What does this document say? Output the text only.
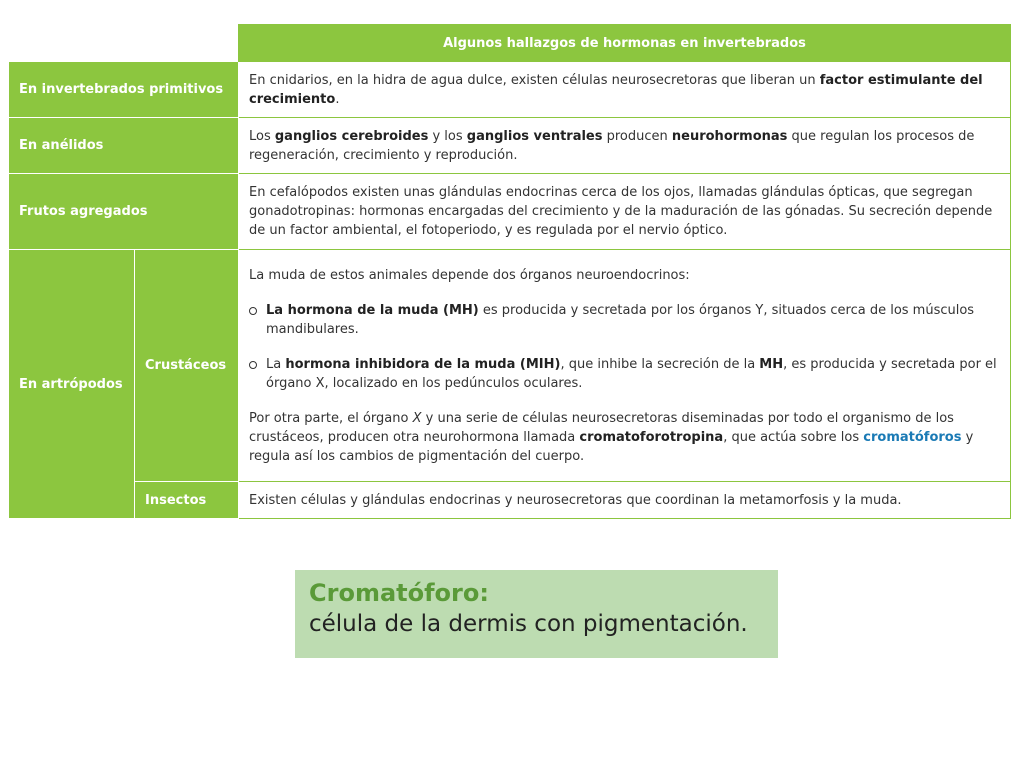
		Algunos hallazgos de hormonas en invertebrados
En invertebrados primitivos		En cnidarios, en la hidra de agua dulce, existen células neurosecretoras que liberan un factor estimulante del crecimiento.
En anélidos		Los ganglios cerebroides y los ganglios ventrales producen neurohormonas que regulan los procesos de regeneración, crecimiento y reprodución.
Frutos agregados		En cefalópodos existen unas glándulas endocrinas cerca de los ojos, llamadas glándulas ópticas, que segregan gonadotropinas: hormonas encargadas del crecimiento y de la maduración de las gónadas. Su secreción depende de un factor ambiental, el fotoperiodo, y es regulada por el nervio óptico.
En artrópodos	Crustáceos	La muda de estos animales depende dos órganos neuroendocrinos:

La hormona de la muda (MH) es producida y secretada por los órganos Y, situados cerca de los músculos mandibulares.
La hormona inhibidora de la muda (MIH), que inhibe la secreción de la MH, es producida y secretada por el órgano X, localizado en los pedúnculos oculares.

Por otra parte, el órgano X y una serie de células neurosecretoras diseminadas por todo el organismo de los crustáceos, producen otra neurohormona llamada cromatoforotropina, que actúa sobre los cromatóforos y regula así los cambios de pigmentación del cuerpo.

	Insectos	Existen células y glándulas endocrinas y neurosecretoras que coordinan la metamorfosis y la muda.
Cromatóforo:
célula de la dermis con pigmentación.
